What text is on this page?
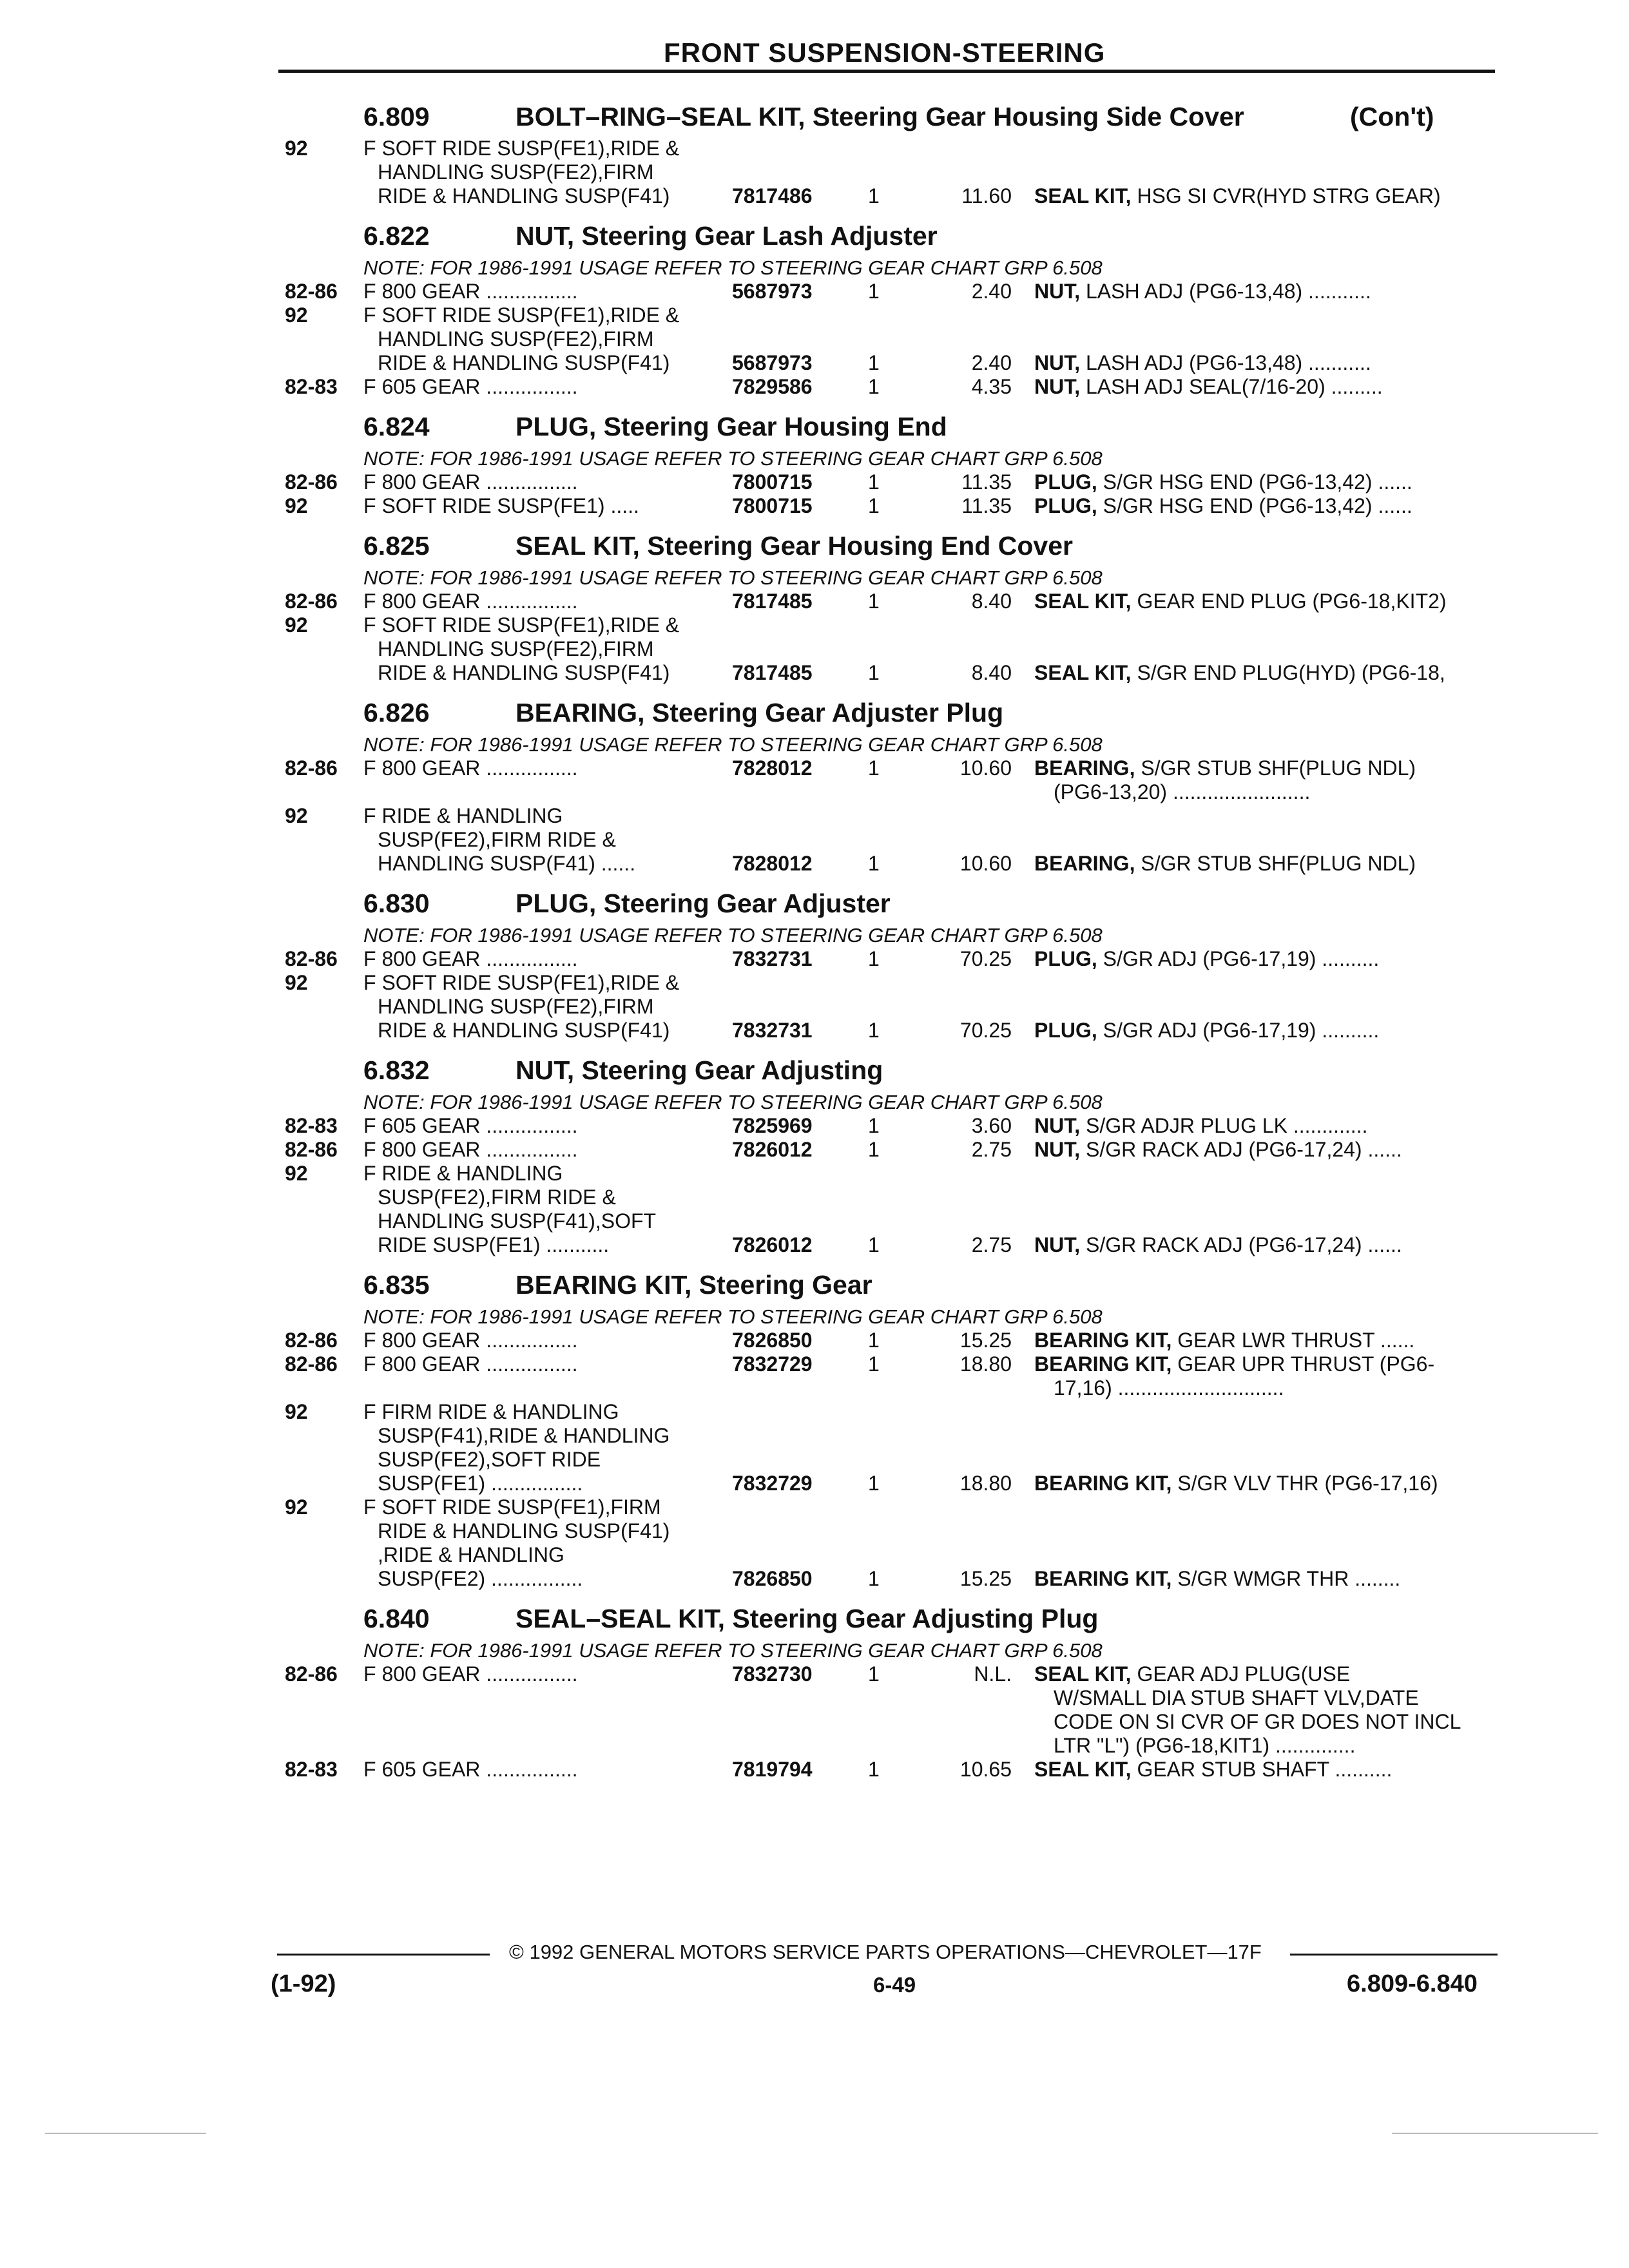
FRONT SUSPENSION-STEERING
6.809	BOLT–RING–SEAL KIT, Steering Gear Housing Side Cover	(Con't)
92	F SOFT RIDE SUSP(FE1),RIDE &
HANDLING SUSP(FE2),FIRM
RIDE & HANDLING SUSP(F41)	7817486	1	11.60 SEAL KIT, HSG SI CVR(HYD STRG GEAR)
6.822	NUT, Steering Gear Lash Adjuster
NOTE: FOR 1986-1991 USAGE REFER TO STEERING GEAR CHART GRP 6.508
82-86 F 800 GEAR ................	5687973	1	2.40 NUT, LASH ADJ (PG6-13,48) ...........
92	F SOFT RIDE SUSP(FE1),RIDE &
HANDLING SUSP(FE2),FIRM
RIDE & HANDLING SUSP(F41)	5687973	1	2.40 NUT, LASH ADJ (PG6-13,48) ...........
82-83 F 605 GEAR ................	7829586	1	4.35 NUT, LASH ADJ SEAL(7/16-20) .........
6.824	PLUG, Steering Gear Housing End
NOTE: FOR 1986-1991 USAGE REFER TO STEERING GEAR CHART GRP 6.508
82-86 F 800 GEAR ................	7800715	1	11.35 PLUG, S/GR HSG END (PG6-13,42) ......
92	F SOFT RIDE SUSP(FE1) .....	7800715	1	11.35 PLUG, S/GR HSG END (PG6-13,42) ......
6.825	SEAL KIT, Steering Gear Housing End Cover
NOTE: FOR 1986-1991 USAGE REFER TO STEERING GEAR CHART GRP 6.508
82-86 F 800 GEAR ................	7817485	1	8.40 SEAL KIT, GEAR END PLUG (PG6-18,KIT2)
92	F SOFT RIDE SUSP(FE1),RIDE &
HANDLING SUSP(FE2),FIRM
RIDE & HANDLING SUSP(F41)	7817485	1	8.40 SEAL KIT, S/GR END PLUG(HYD) (PG6-18,
6.826	BEARING, Steering Gear Adjuster Plug
NOTE: FOR 1986-1991 USAGE REFER TO STEERING GEAR CHART GRP 6.508
82-86 F 800 GEAR ................	7828012	1	10.60 BEARING, S/GR STUB SHF(PLUG NDL)
(PG6-13,20) ........................
92	F RIDE & HANDLING
SUSP(FE2),FIRM RIDE &
HANDLING SUSP(F41) ......	7828012	1	10.60 BEARING, S/GR STUB SHF(PLUG NDL)
6.830	PLUG, Steering Gear Adjuster
NOTE: FOR 1986-1991 USAGE REFER TO STEERING GEAR CHART GRP 6.508
82-86 F 800 GEAR ................	7832731	1	70.25 PLUG, S/GR ADJ (PG6-17,19) ..........
92	F SOFT RIDE SUSP(FE1),RIDE &
HANDLING SUSP(FE2),FIRM
RIDE & HANDLING SUSP(F41)	7832731	1	70.25 PLUG, S/GR ADJ (PG6-17,19) ..........
6.832	NUT, Steering Gear Adjusting
NOTE: FOR 1986-1991 USAGE REFER TO STEERING GEAR CHART GRP 6.508
82-83 F 605 GEAR ................	7825969	1	3.60 NUT, S/GR ADJR PLUG LK .............
82-86 F 800 GEAR ................	7826012	1	2.75 NUT, S/GR RACK ADJ (PG6-17,24) ......
92	F RIDE & HANDLING
SUSP(FE2),FIRM RIDE &
HANDLING SUSP(F41),SOFT
RIDE SUSP(FE1) ...........	7826012	1	2.75 NUT, S/GR RACK ADJ (PG6-17,24) ......
6.835	BEARING KIT, Steering Gear
NOTE: FOR 1986-1991 USAGE REFER TO STEERING GEAR CHART GRP 6.508
82-86 F 800 GEAR ................	7826850	1	15.25 BEARING KIT, GEAR LWR THRUST ......
82-86 F 800 GEAR ................	7832729	1	18.80 BEARING KIT, GEAR UPR THRUST (PG6-
17,16) .............................
92	F FIRM RIDE & HANDLING
SUSP(F41),RIDE & HANDLING
SUSP(FE2),SOFT RIDE
SUSP(FE1) ................	7832729	1	18.80 BEARING KIT, S/GR VLV THR (PG6-17,16)
92	F SOFT RIDE SUSP(FE1),FIRM
RIDE & HANDLING SUSP(F41)
,RIDE & HANDLING
SUSP(FE2) ................	7826850	1	15.25 BEARING KIT, S/GR WMGR THR ........
6.840	SEAL–SEAL KIT, Steering Gear Adjusting Plug
NOTE: FOR 1986-1991 USAGE REFER TO STEERING GEAR CHART GRP 6.508
82-86 F 800 GEAR ................	7832730	1	N.L. SEAL KIT, GEAR ADJ PLUG(USE
W/SMALL DIA STUB SHAFT VLV,DATE
CODE ON SI CVR OF GR DOES NOT INCL
LTR "L") (PG6-18,KIT1) ..............
82-83 F 605 GEAR ................	7819794	1	10.65 SEAL KIT, GEAR STUB SHAFT ..........
© 1992 GENERAL MOTORS SERVICE PARTS OPERATIONS—CHEVROLET—17F
(1-92)	6-49	6.809-6.840
